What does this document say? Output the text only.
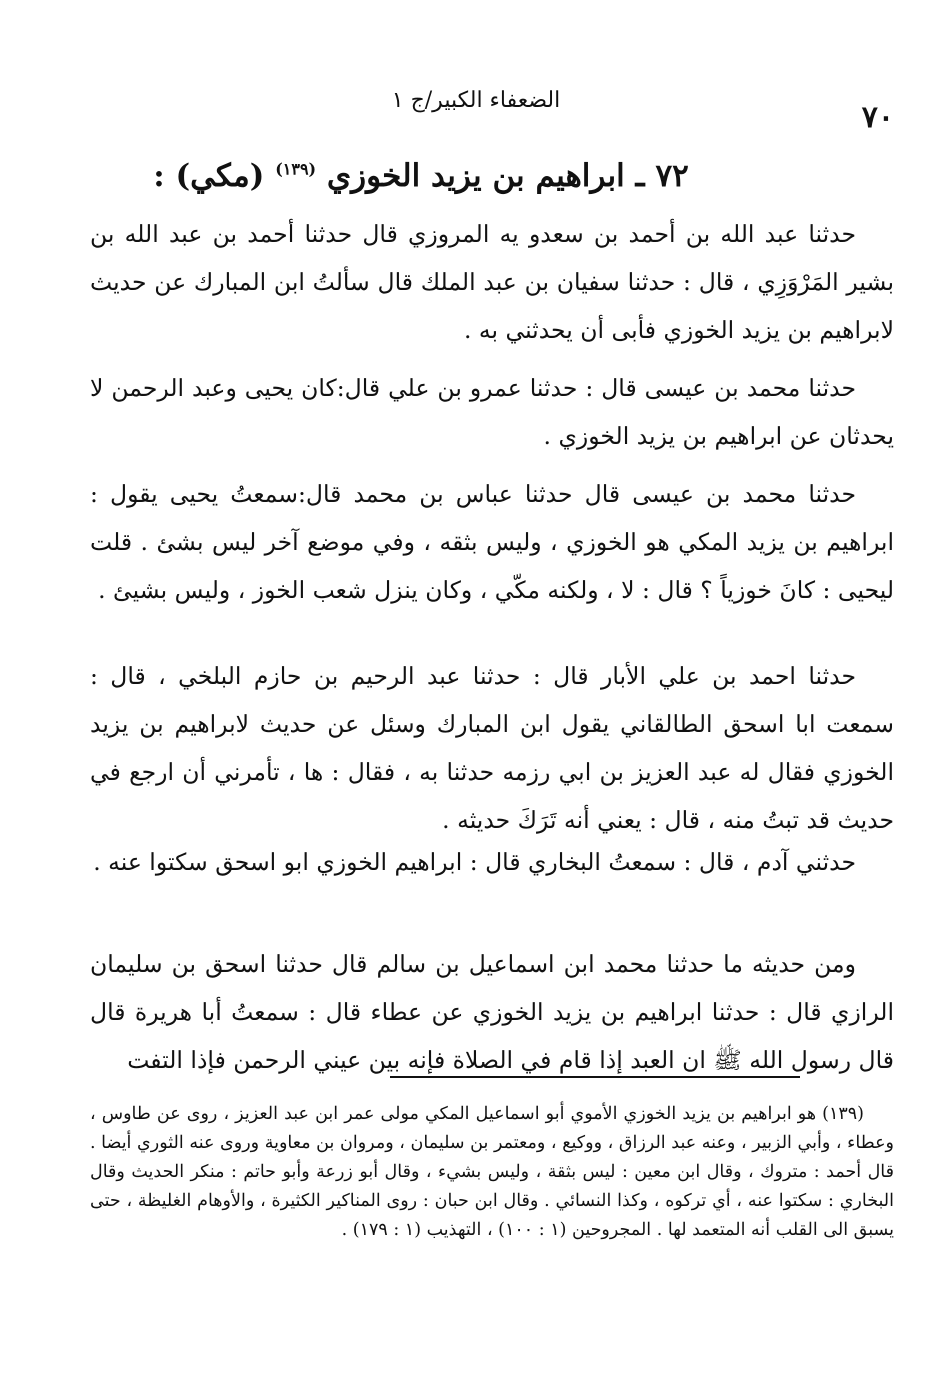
الضعفاء الكبير/ج ١	٧٠
٧٢ ـ ابراهيم بن يزيد الخوزي $^{(١٣٩)}$ (مكي) :

حدثنا عبد الله بن أحمد بن سعدو يه المروزي قال حدثنا أحمد بن عبد الله بن بشير المَرْوَزِي ، قال : حدثنا سفيان بن عبد الملك قال سألتُ ابن المبارك عن حديث لابراهيم بن يزيد الخوزي فأبى أن يحدثني به .

حدثنا محمد بن عيسى قال : حدثنا عمرو بن علي قال:كان يحيى وعبد الرحمن لا يحدثان عن ابراهيم بن يزيد الخوزي .

حدثنا محمد بن عيسى قال حدثنا عباس بن محمد قال:سمعتُ يحيى يقول : ابراهيم بن يزيد المكي هو الخوزي ، وليس بثقه ، وفي موضع آخر ليس بشئ . قلت ليحيى : كانَ خوزياً ؟ قال : لا ، ولكنه مكّي ، وكان ينزل شعب الخوز ، وليس بشيئ .

حدثنا احمد بن علي الأبار قال : حدثنا عبد الرحيم بن حازم البلخي ، قال : سمعت ابا اسحق الطالقاني يقول ابن المبارك وسئل عن حديث لابراهيم بن يزيد الخوزي فقال له عبد العزيز بن ابي رزمه حدثنا به ، فقال : ها ، تأمرني أن ارجع في حديث قد تبتُ منه ، قال : يعني أنه تَرَكَ حديثه .

حدثني آدم ، قال : سمعتُ البخاري قال : ابراهيم الخوزي ابو اسحق سكتوا عنه .

ومن حديثه ما حدثنا محمد ابن اسماعيل بن سالم قال حدثنا اسحق بن سليمان الرازي قال : حدثنا ابراهيم بن يزيد الخوزي عن عطاء قال : سمعتُ أبا هريرة قال قال رسول الله ﷺ ان العبد إذا قام في الصلاة فإنه بين عيني الرحمن فإذا التفت

(١٣٩) هو ابراهيم بن يزيد الخوزي الأموي أبو اسماعيل المكي مولى عمر ابن عبد العزيز ، روى عن طاوس ، وعطاء ، وأبي الزبير ، وعنه عبد الرزاق ، ووكيع ، ومعتمر بن سليمان ، ومروان بن معاوية وروى عنه الثوري أيضا . قال أحمد : متروك ، وقال ابن معين : ليس بثقة ، وليس بشيء ، وقال أبو زرعة وأبو حاتم : منكر الحديث وقال البخاري : سكتوا عنه ، أي تركوه ، وكذا النسائي . وقال ابن حبان : روى المناكير الكثيرة ، والأوهام الغليظة ، حتى يسبق الى القلب أنه المتعمد لها . المجروحين (١ : ١٠٠) ، التهذيب (١ : ١٧٩) .
